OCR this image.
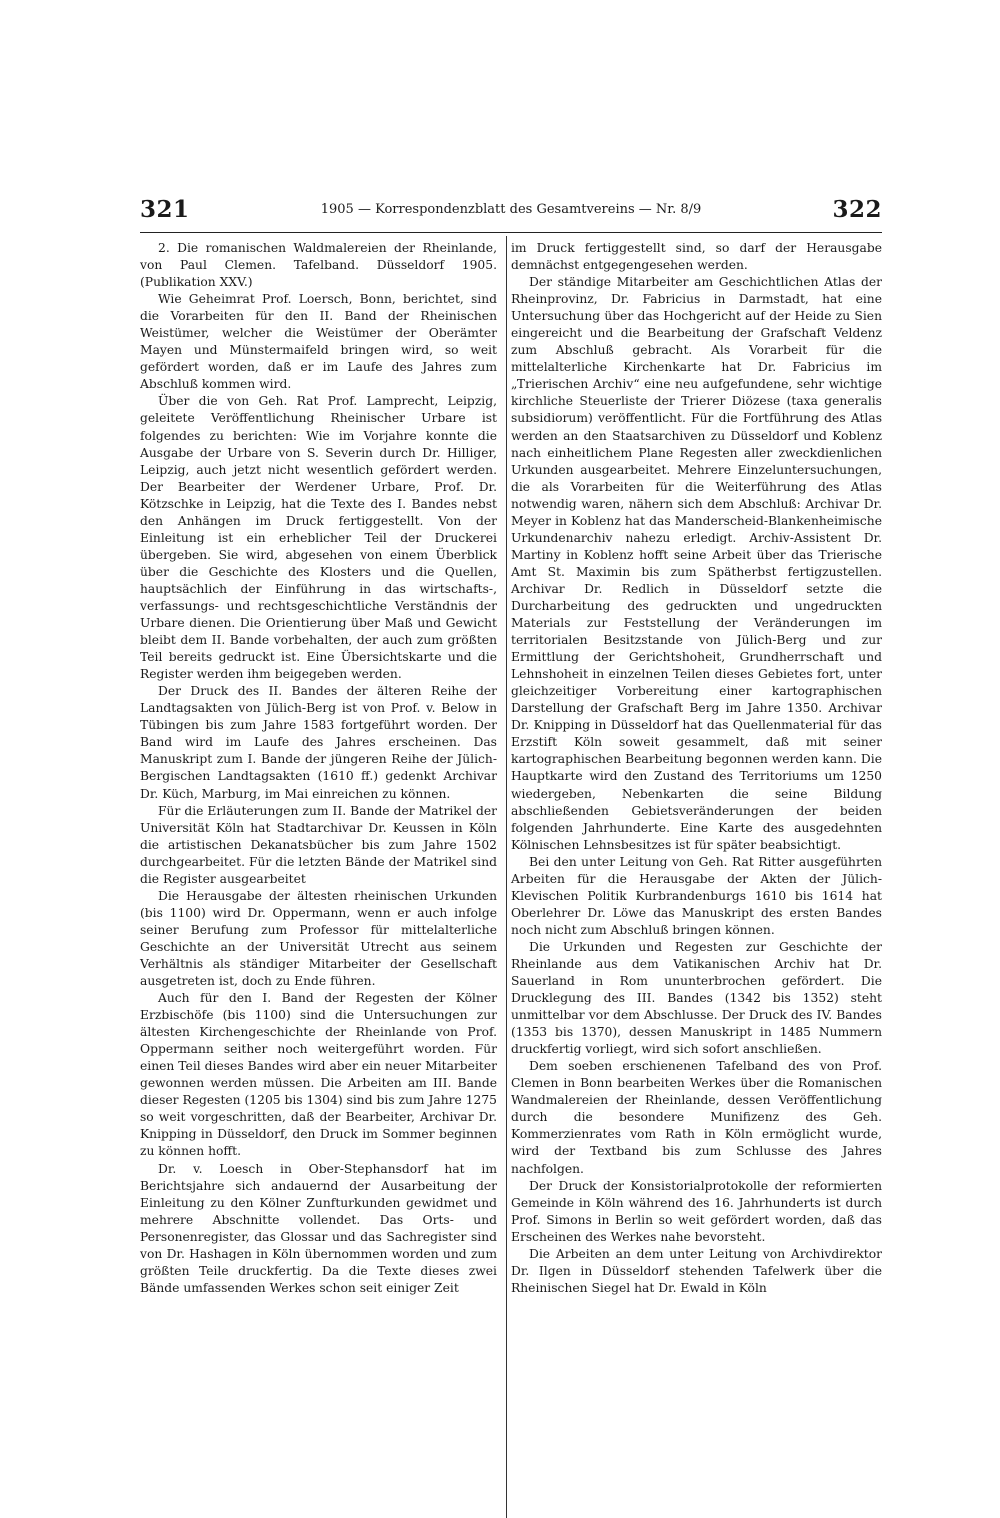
321	1905 — Korrespondenzblatt des Gesamtvereins — Nr. 8/9	322

2. Die romanischen Waldmalereien der Rheinlande, von Paul Clemen. Tafelband. Düsseldorf 1905. (Publikation XXV.)

Wie Geheimrat Prof. Loersch, Bonn, berichtet, sind die Vorarbeiten für den II. Band der Rheinischen Weistümer, welcher die Weistümer der Oberämter Mayen und Münstermaifeld bringen wird, so weit gefördert worden, daß er im Laufe des Jahres zum Abschluß kommen wird.

Über die von Geh. Rat Prof. Lamprecht, Leipzig, geleitete Veröffentlichung Rheinischer Urbare ist folgendes zu berichten: Wie im Vorjahre konnte die Ausgabe der Urbare von S. Severin durch Dr. Hilliger, Leipzig, auch jetzt nicht wesentlich gefördert werden. Der Bearbeiter der Werdener Urbare, Prof. Dr. Kötzschke in Leipzig, hat die Texte des I. Bandes nebst den Anhängen im Druck fertiggestellt. Von der Einleitung ist ein erheblicher Teil der Druckerei übergeben. Sie wird, abgesehen von einem Überblick über die Geschichte des Klosters und die Quellen, hauptsächlich der Einführung in das wirtschafts-, verfassungs- und rechtsgeschichtliche Verständnis der Urbare dienen. Die Orientierung über Maß und Gewicht bleibt dem II. Bande vorbehalten, der auch zum größten Teil bereits gedruckt ist. Eine Übersichtskarte und die Register werden ihm beigegeben werden.

Der Druck des II. Bandes der älteren Reihe der Landtagsakten von Jülich-Berg ist von Prof. v. Below in Tübingen bis zum Jahre 1583 fortgeführt worden. Der Band wird im Laufe des Jahres erscheinen. Das Manuskript zum I. Bande der jüngeren Reihe der Jülich-Bergischen Landtagsakten (1610 ff.) gedenkt Archivar Dr. Küch, Marburg, im Mai einreichen zu können.

Für die Erläuterungen zum II. Bande der Matrikel der Universität Köln hat Stadtarchivar Dr. Keussen in Köln die artistischen Dekanatsbücher bis zum Jahre 1502 durchgearbeitet. Für die letzten Bände der Matrikel sind die Register ausgearbeitet

Die Herausgabe der ältesten rheinischen Urkunden (bis 1100) wird Dr. Oppermann, wenn er auch infolge seiner Berufung zum Professor für mittelalterliche Geschichte an der Universität Utrecht aus seinem Verhältnis als ständiger Mitarbeiter der Gesellschaft ausgetreten ist, doch zu Ende führen.

Auch für den I. Band der Regesten der Kölner Erzbischöfe (bis 1100) sind die Untersuchungen zur ältesten Kirchengeschichte der Rheinlande von Prof. Oppermann seither noch weitergeführt worden. Für einen Teil dieses Bandes wird aber ein neuer Mitarbeiter gewonnen werden müssen. Die Arbeiten am III. Bande dieser Regesten (1205 bis 1304) sind bis zum Jahre 1275 so weit vorgeschritten, daß der Bearbeiter, Archivar Dr. Knipping in Düsseldorf, den Druck im Sommer beginnen zu können hofft.

Dr. v. Loesch in Ober-Stephansdorf hat im Berichtsjahre sich andauernd der Ausarbeitung der Einleitung zu den Kölner Zunfturkunden gewidmet und mehrere Abschnitte vollendet. Das Orts- und Personenregister, das Glossar und das Sachregister sind von Dr. Hashagen in Köln übernommen worden und zum größten Teile druckfertig. Da die Texte dieses zwei Bände umfassenden Werkes schon seit einiger Zeit

im Druck fertiggestellt sind, so darf der Herausgabe demnächst entgegengesehen werden.

Der ständige Mitarbeiter am Geschichtlichen Atlas der Rheinprovinz, Dr. Fabricius in Darmstadt, hat eine Untersuchung über das Hochgericht auf der Heide zu Sien eingereicht und die Bearbeitung der Grafschaft Veldenz zum Abschluß gebracht. Als Vorarbeit für die mittelalterliche Kirchenkarte hat Dr. Fabricius im „Trierischen Archiv“ eine neu aufgefundene, sehr wichtige kirchliche Steuerliste der Trierer Diözese (taxa generalis subsidiorum) veröffentlicht. Für die Fortführung des Atlas werden an den Staatsarchiven zu Düsseldorf und Koblenz nach einheitlichem Plane Regesten aller zweckdienlichen Urkunden ausgearbeitet. Mehrere Einzeluntersuchungen, die als Vorarbeiten für die Weiterführung des Atlas notwendig waren, nähern sich dem Abschluß: Archivar Dr. Meyer in Koblenz hat das Manderscheid-Blankenheimische Urkundenarchiv nahezu erledigt. Archiv-Assistent Dr. Martiny in Koblenz hofft seine Arbeit über das Trierische Amt St. Maximin bis zum Spätherbst fertigzustellen. Archivar Dr. Redlich in Düsseldorf setzte die Durcharbeitung des gedruckten und ungedruckten Materials zur Feststellung der Veränderungen im territorialen Besitzstande von Jülich-Berg und zur Ermittlung der Gerichtshoheit, Grundherrschaft und Lehnshoheit in einzelnen Teilen dieses Gebietes fort, unter gleichzeitiger Vorbereitung einer kartographischen Darstellung der Grafschaft Berg im Jahre 1350. Archivar Dr. Knipping in Düsseldorf hat das Quellenmaterial für das Erzstift Köln soweit gesammelt, daß mit seiner kartographischen Bearbeitung begonnen werden kann. Die Hauptkarte wird den Zustand des Territoriums um 1250 wiedergeben, Nebenkarten die seine Bildung abschließenden Gebietsveränderungen der beiden folgenden Jahrhunderte. Eine Karte des ausgedehnten Kölnischen Lehnsbesitzes ist für später beabsichtigt.

Bei den unter Leitung von Geh. Rat Ritter ausgeführten Arbeiten für die Herausgabe der Akten der Jülich-Klevischen Politik Kurbrandenburgs 1610 bis 1614 hat Oberlehrer Dr. Löwe das Manuskript des ersten Bandes noch nicht zum Abschluß bringen können.

Die Urkunden und Regesten zur Geschichte der Rheinlande aus dem Vatikanischen Archiv hat Dr. Sauerland in Rom ununterbrochen gefördert. Die Drucklegung des III. Bandes (1342 bis 1352) steht unmittelbar vor dem Abschlusse. Der Druck des IV. Bandes (1353 bis 1370), dessen Manuskript in 1485 Nummern druckfertig vorliegt, wird sich sofort anschließen.

Dem soeben erschienenen Tafelband des von Prof. Clemen in Bonn bearbeiten Werkes über die Romanischen Wandmalereien der Rheinlande, dessen Veröffentlichung durch die besondere Munifizenz des Geh. Kommerzienrates vom Rath in Köln ermöglicht wurde, wird der Textband bis zum Schlusse des Jahres nachfolgen.

Der Druck der Konsistorialprotokolle der reformierten Gemeinde in Köln während des 16. Jahrhunderts ist durch Prof. Simons in Berlin so weit gefördert worden, daß das Erscheinen des Werkes nahe bevorsteht.

Die Arbeiten an dem unter Leitung von Archivdirektor Dr. Ilgen in Düsseldorf stehenden Tafelwerk über die Rheinischen Siegel hat Dr. Ewald in Köln
